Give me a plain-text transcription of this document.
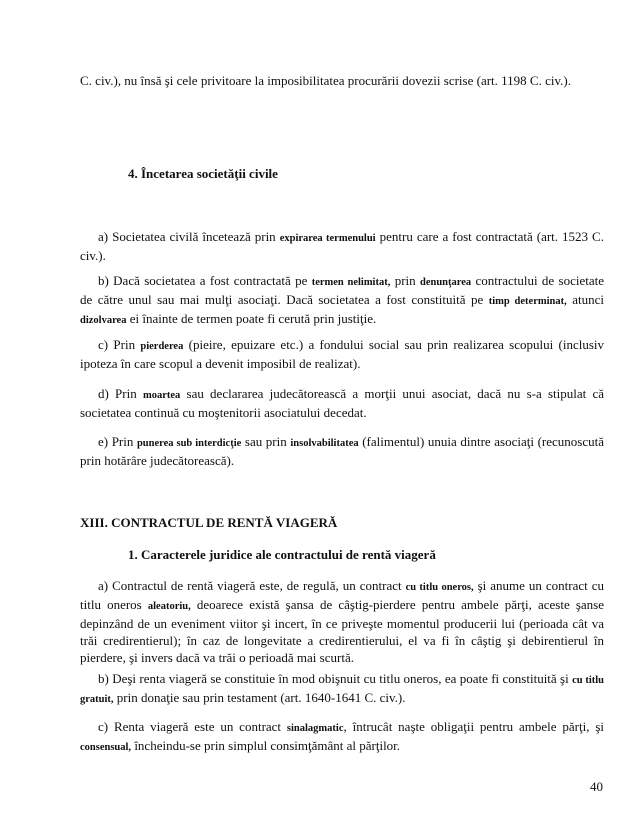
C. civ.), nu însă şi cele privitoare la imposibilitatea procurării dovezii scrise (art. 1198 C. civ.).

4. Încetarea societăţii civile

a) Societatea civilă încetează prin expirarea termenului pentru care a fost contractată (art. 1523 C. civ.).

b) Dacă societatea a fost contractată pe termen nelimitat, prin denunţarea contractului de societate de către unul sau mai mulţi asociaţi. Dacă societatea a fost constituită pe timp determinat, atunci dizolvarea ei înainte de termen poate fi cerută prin justiţie.

c) Prin pierderea (pieire, epuizare etc.) a fondului social sau prin realizarea scopului (inclusiv ipoteza în care scopul a devenit imposibil de realizat).

d) Prin moartea sau declararea judecătorească a morţii unui asociat, dacă nu s-a stipulat că societatea continuă cu moştenitorii asociatului decedat.

e) Prin punerea sub interdicţie sau prin insolvabilitatea (falimentul) unuia dintre asociaţi (recunoscută prin hotărâre judecătorească).

XIII. CONTRACTUL DE RENTĂ VIAGERĂ

1. Caracterele juridice ale contractului de rentă viageră

a) Contractul de rentă viageră este, de regulă, un contract cu titlu oneros, şi anume un contract cu titlu oneros aleatoriu, deoarece există şansa de câştig-pierdere pentru ambele părţi, aceste şanse depinzând de un eveniment viitor şi incert, în ce priveşte momentul producerii lui (perioada cât va trăi credirentierul); în caz de longevitate a credirentierului, el va fi în câştig şi debirentierul în pierdere, şi invers dacă va trăi o perioadă mai scurtă.

b) Deşi renta viageră se constituie în mod obişnuit cu titlu oneros, ea poate fi constituită şi cu titlu gratuit, prin donaţie sau prin testament (art. 1640-1641 C. civ.).

c) Renta viageră este un contract sinalagmatic, întrucât naşte obligaţii pentru ambele părţi, şi consensual, încheindu-se prin simplul consimţământ al părţilor.

40
